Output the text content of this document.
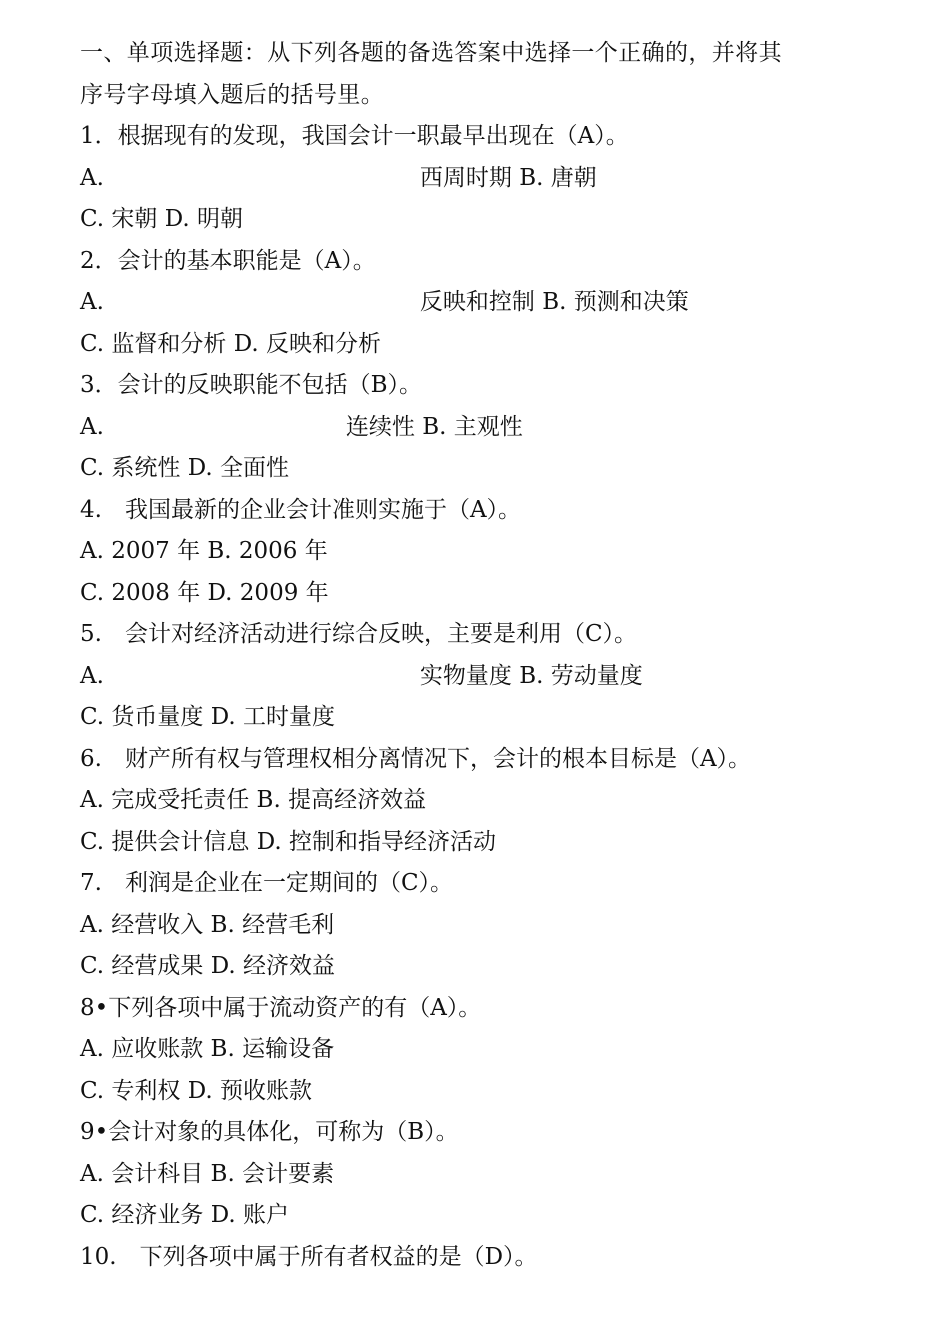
一、单项选择题：从下列各题的备选答案中选择一个正确的，并将其
序号字母填入题后的括号里。
1．根据现有的发现，我国会计一职最早出现在（A）。
A.	西周时期 B. 唐朝
C. 宋朝 D. 明朝
2．会计的基本职能是（A）。
A.	反映和控制 B. 预测和决策
C. 监督和分析 D. 反映和分析
3．会计的反映职能不包括（B）。
A.	连续性 B. 主观性
C. 系统性 D. 全面性
4.　我国最新的企业会计准则实施于（A）。
A. 2007 年 B. 2006 年
C. 2008 年 D. 2009 年
5.　会计对经济活动进行综合反映，主要是利用（C）。
A.	实物量度 B. 劳动量度
C. 货币量度 D. 工时量度
6.　财产所有权与管理权相分离情况下，会计的根本目标是（A）。
A. 完成受托责任 B. 提高经济效益
C. 提供会计信息 D. 控制和指导经济活动
7.　利润是企业在一定期间的（C）。
A. 经营收入 B. 经营毛利
C. 经营成果 D. 经济效益
8•下列各项中属于流动资产的有（A）。
A. 应收账款 B. 运输设备
C. 专利权 D. 预收账款
9•会计对象的具体化，可称为（B）。
A. 会计科目 B. 会计要素
C. 经济业务 D. 账户
10.　下列各项中属于所有者权益的是（D）。
